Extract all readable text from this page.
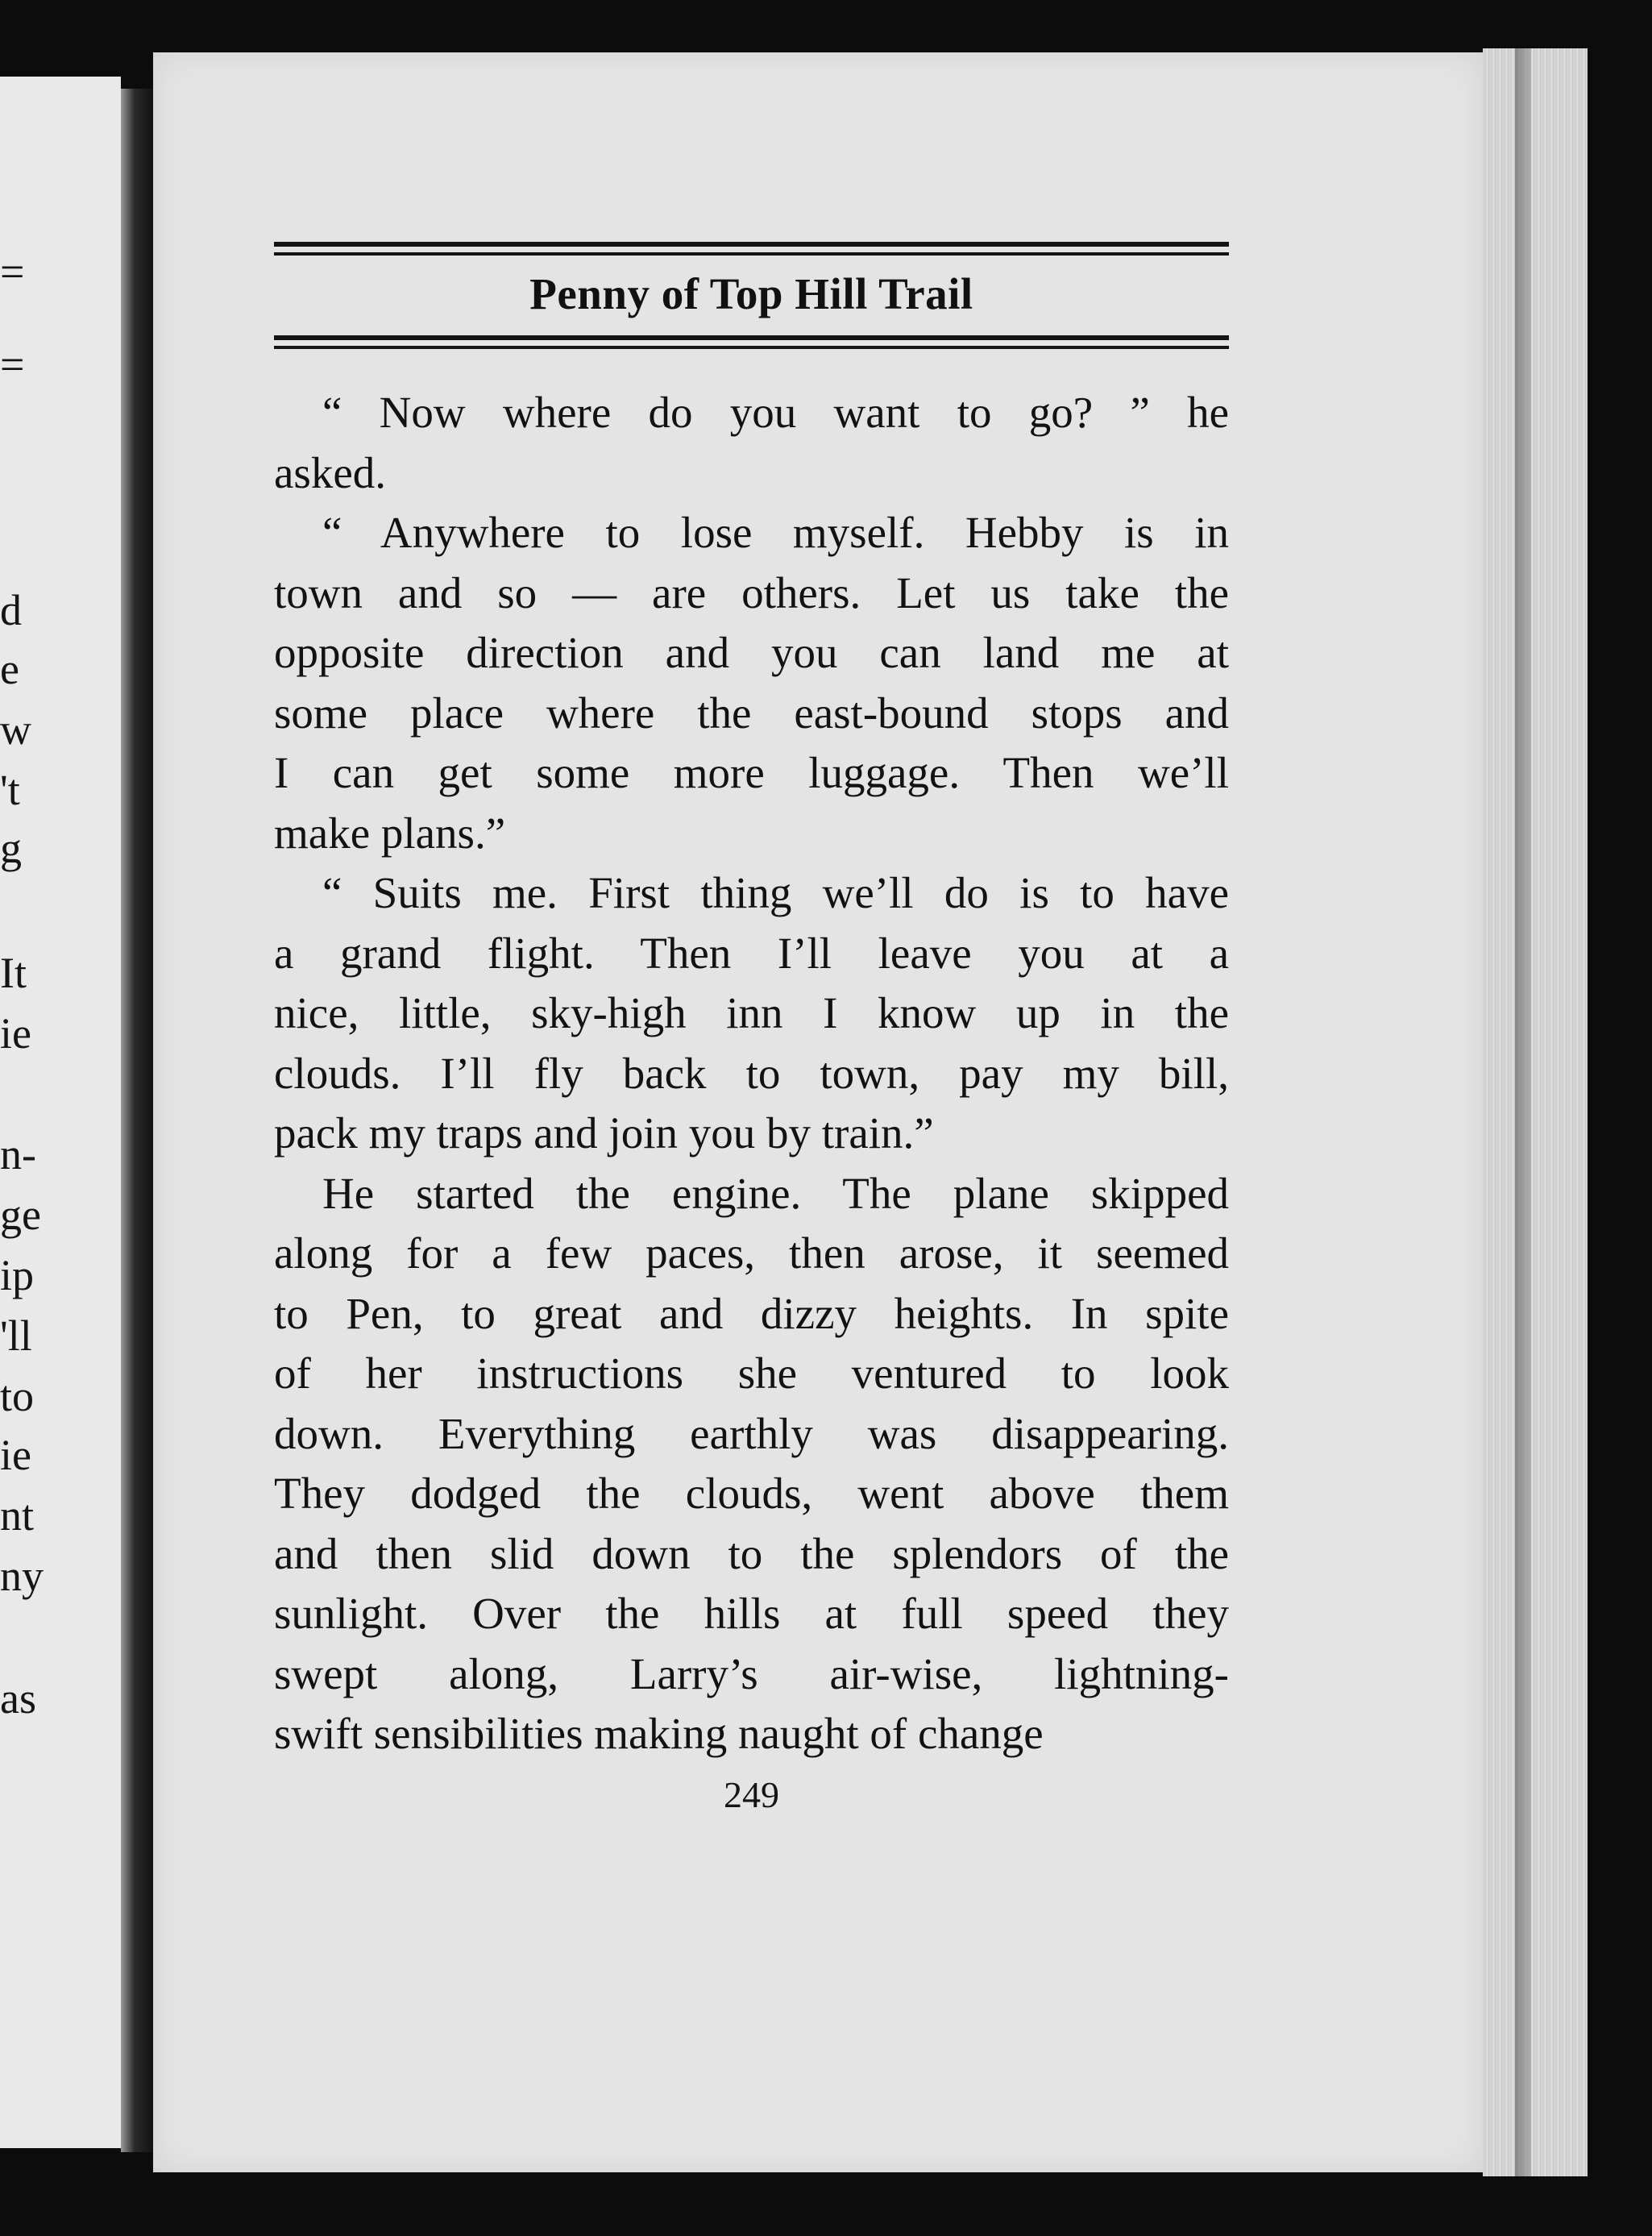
=
=
d
e
w
't
g
It
ie
n-
ge
ip
'll
to
ie
nt
ny
as
Penny of Top Hill Trail
“ Now where do you want to go? ” he
asked.
“ Anywhere to lose myself. Hebby is in
town and so — are others. Let us take the
opposite direction and you can land me at
some place where the east-bound stops and
I can get some more luggage. Then we’ll
make plans.”
“ Suits me. First thing we’ll do is to have
a grand flight. Then I’ll leave you at a
nice, little, sky-high inn I know up in the
clouds. I’ll fly back to town, pay my bill,
pack my traps and join you by train.”
He started the engine. The plane skipped
along for a few paces, then arose, it seemed
to Pen, to great and dizzy heights. In spite
of her instructions she ventured to look
down. Everything earthly was disappearing.
They dodged the clouds, went above them
and then slid down to the splendors of the
sunlight. Over the hills at full speed they
swept along, Larry’s air-wise, lightning-
swift sensibilities making naught of change
249
